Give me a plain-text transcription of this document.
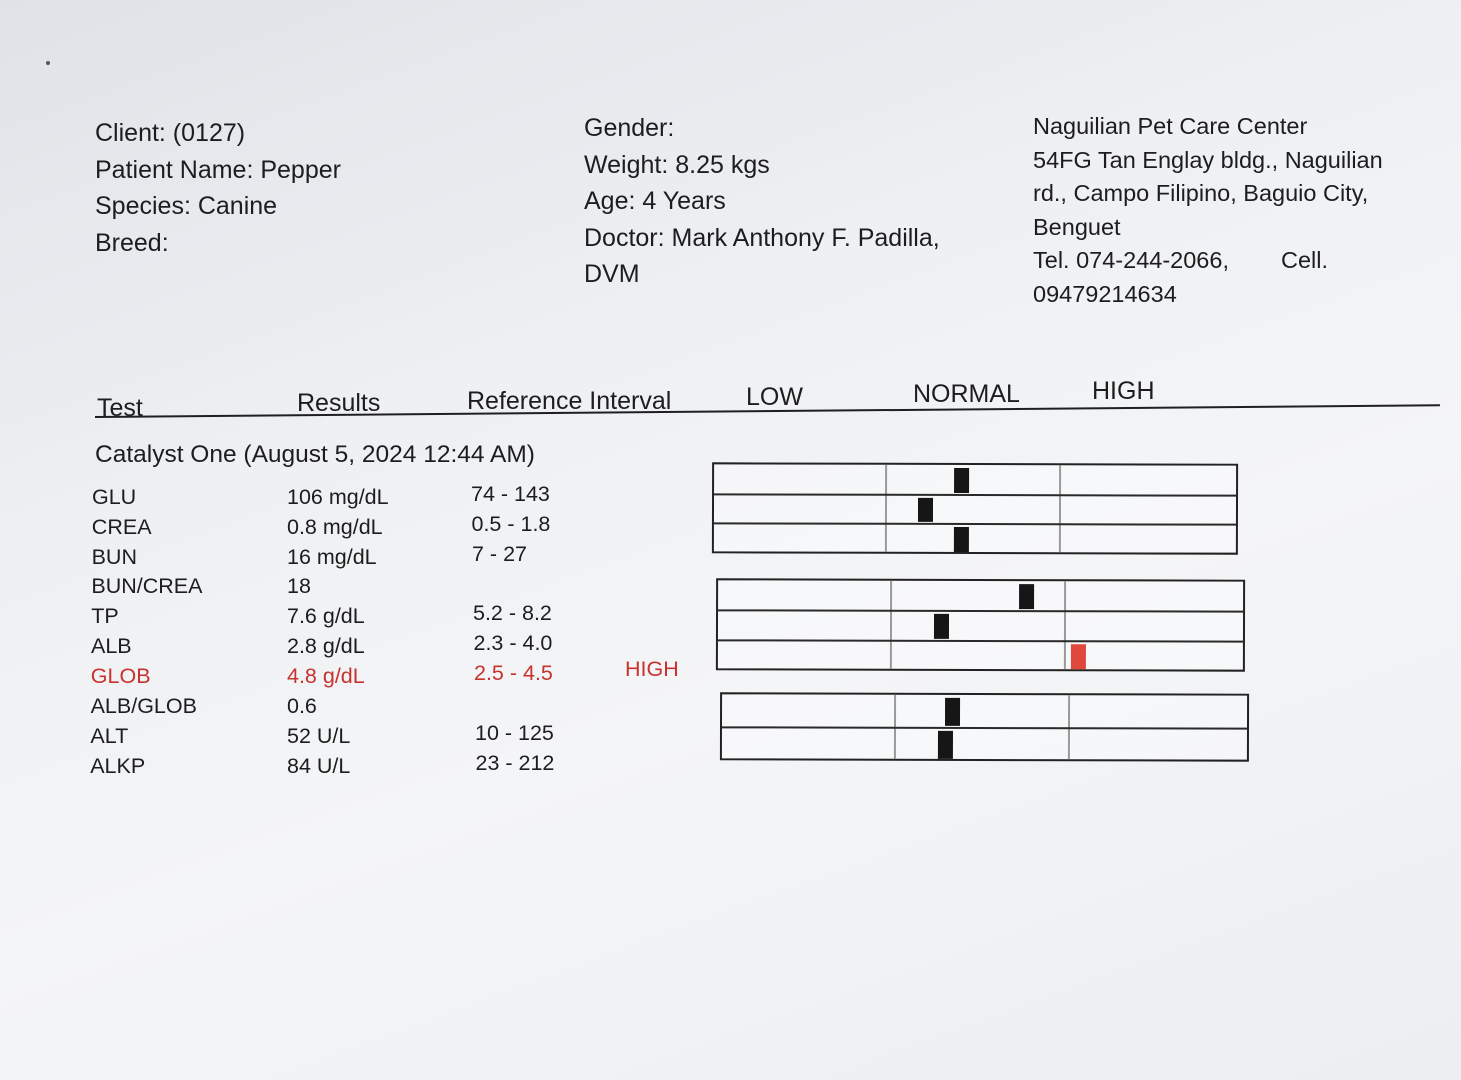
Client: (0127)
Patient Name: Pepper
Species: Canine
Breed:
Gender:
Weight: 8.25 kgs
Age: 4 Years
Doctor: Mark Anthony F. Padilla,
DVM
Naguilian Pet Care Center
54FG Tan Englay bldg., Naguilian
rd., Campo Filipino, Baguio City,
Benguet
Tel. 074-244-2066, Cell.
09479214634
Test	Results	Reference Interval	LOW	NORMAL	HIGH
Catalyst One (August 5, 2024 12:44 AM)
GLU	106 mg/dL	74 - 143
CREA	0.8 mg/dL	0.5 - 1.8
BUN	16 mg/dL	7 - 27
BUN/CREA	18
TP	7.6 g/dL	5.2 - 8.2
ALB	2.8 g/dL	2.3 - 4.0
GLOB	4.8 g/dL	2.5 - 4.5	HIGH
ALB/GLOB	0.6
ALT	52 U/L	10 - 125
ALKP	84 U/L	23 - 212
